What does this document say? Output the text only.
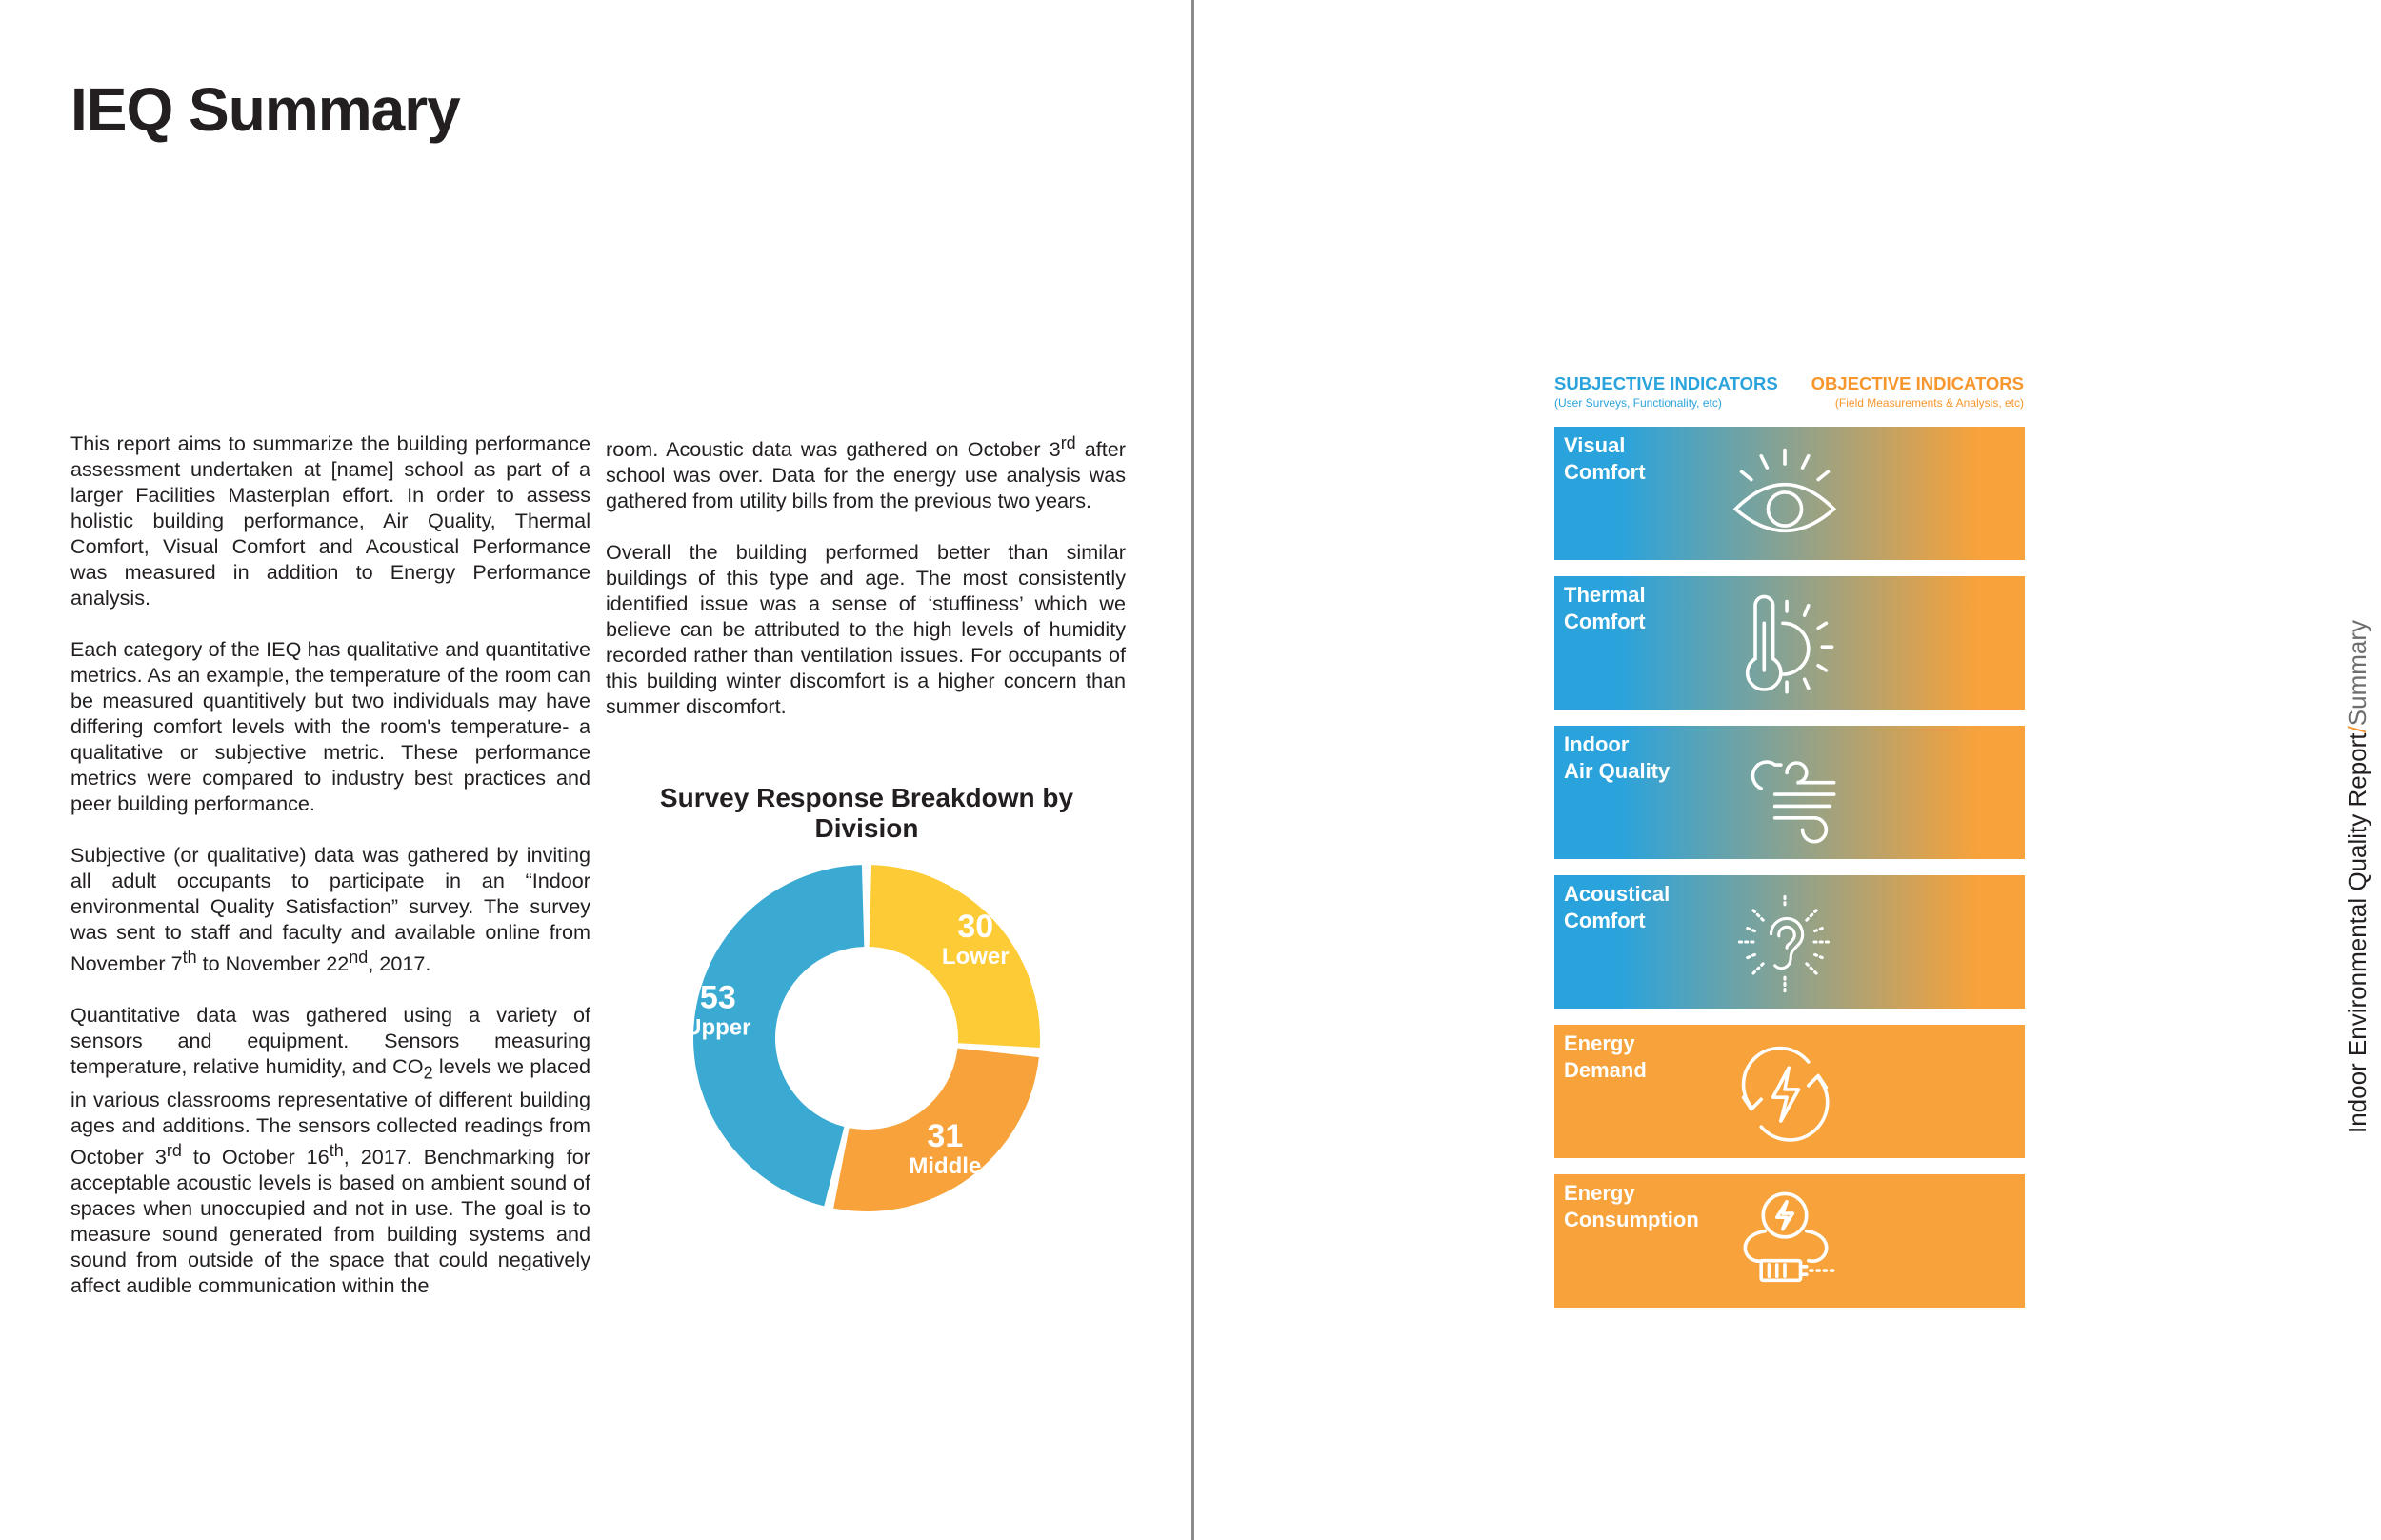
IEQ Summary

This report aims to summarize the building performance assessment undertaken at [name] school as part of a larger Facilities Masterplan effort. In order to assess holistic building performance, Air Quality, Thermal Comfort, Visual Comfort and Acoustical Performance was measured in addition to Energy Performance analysis.

Each category of the IEQ has qualitative and quantitative metrics. As an example, the temperature of the room can be measured quantitively but two individuals may have differing comfort levels with the room's temperature- a qualitative or subjective metric. These performance metrics were compared to industry best practices and peer building performance.

Subjective (or qualitative) data was gathered by inviting all adult occupants to participate in an “Indoor environmental Quality Satisfaction” survey. The survey was sent to staff and faculty and available online from November 7th to November 22nd, 2017.

Quantitative data was gathered using a variety of sensors and equipment. Sensors measuring temperature, relative humidity, and $CO_2$ levels we placed in various classrooms representative of different building ages and additions. The sensors collected readings from October 3rd to October 16th, 2017. Benchmarking for acceptable acoustic levels is based on ambient sound of spaces when unoccupied and not in use. The goal is to measure sound generated from building systems and sound from outside of the space that could negatively affect audible communication within the

room. Acoustic data was gathered on October 3rd after school was over. Data for the energy use analysis was gathered from utility bills from the previous two years.

Overall the building performed better than similar buildings of this type and age. The most consistently identified issue was a sense of ‘stuffiness’ which we believe can be attributed to the high levels of humidity recorded rather than ventilation issues. For occupants of this building winter discomfort is a higher concern than summer discomfort.

Survey Response Breakdown by Division
30
Lower
31
Middle
53
Upper
SUBJECTIVE INDICATORS
(User Surveys, Functionality, etc)
OBJECTIVE INDICATORS
(Field Measurements & Analysis, etc)
Visual
Comfort
Thermal
Comfort
Indoor
Air Quality
Acoustical
Comfort
Energy
Demand
Energy
Consumption
Indoor Environmental Quality Report/Summary
